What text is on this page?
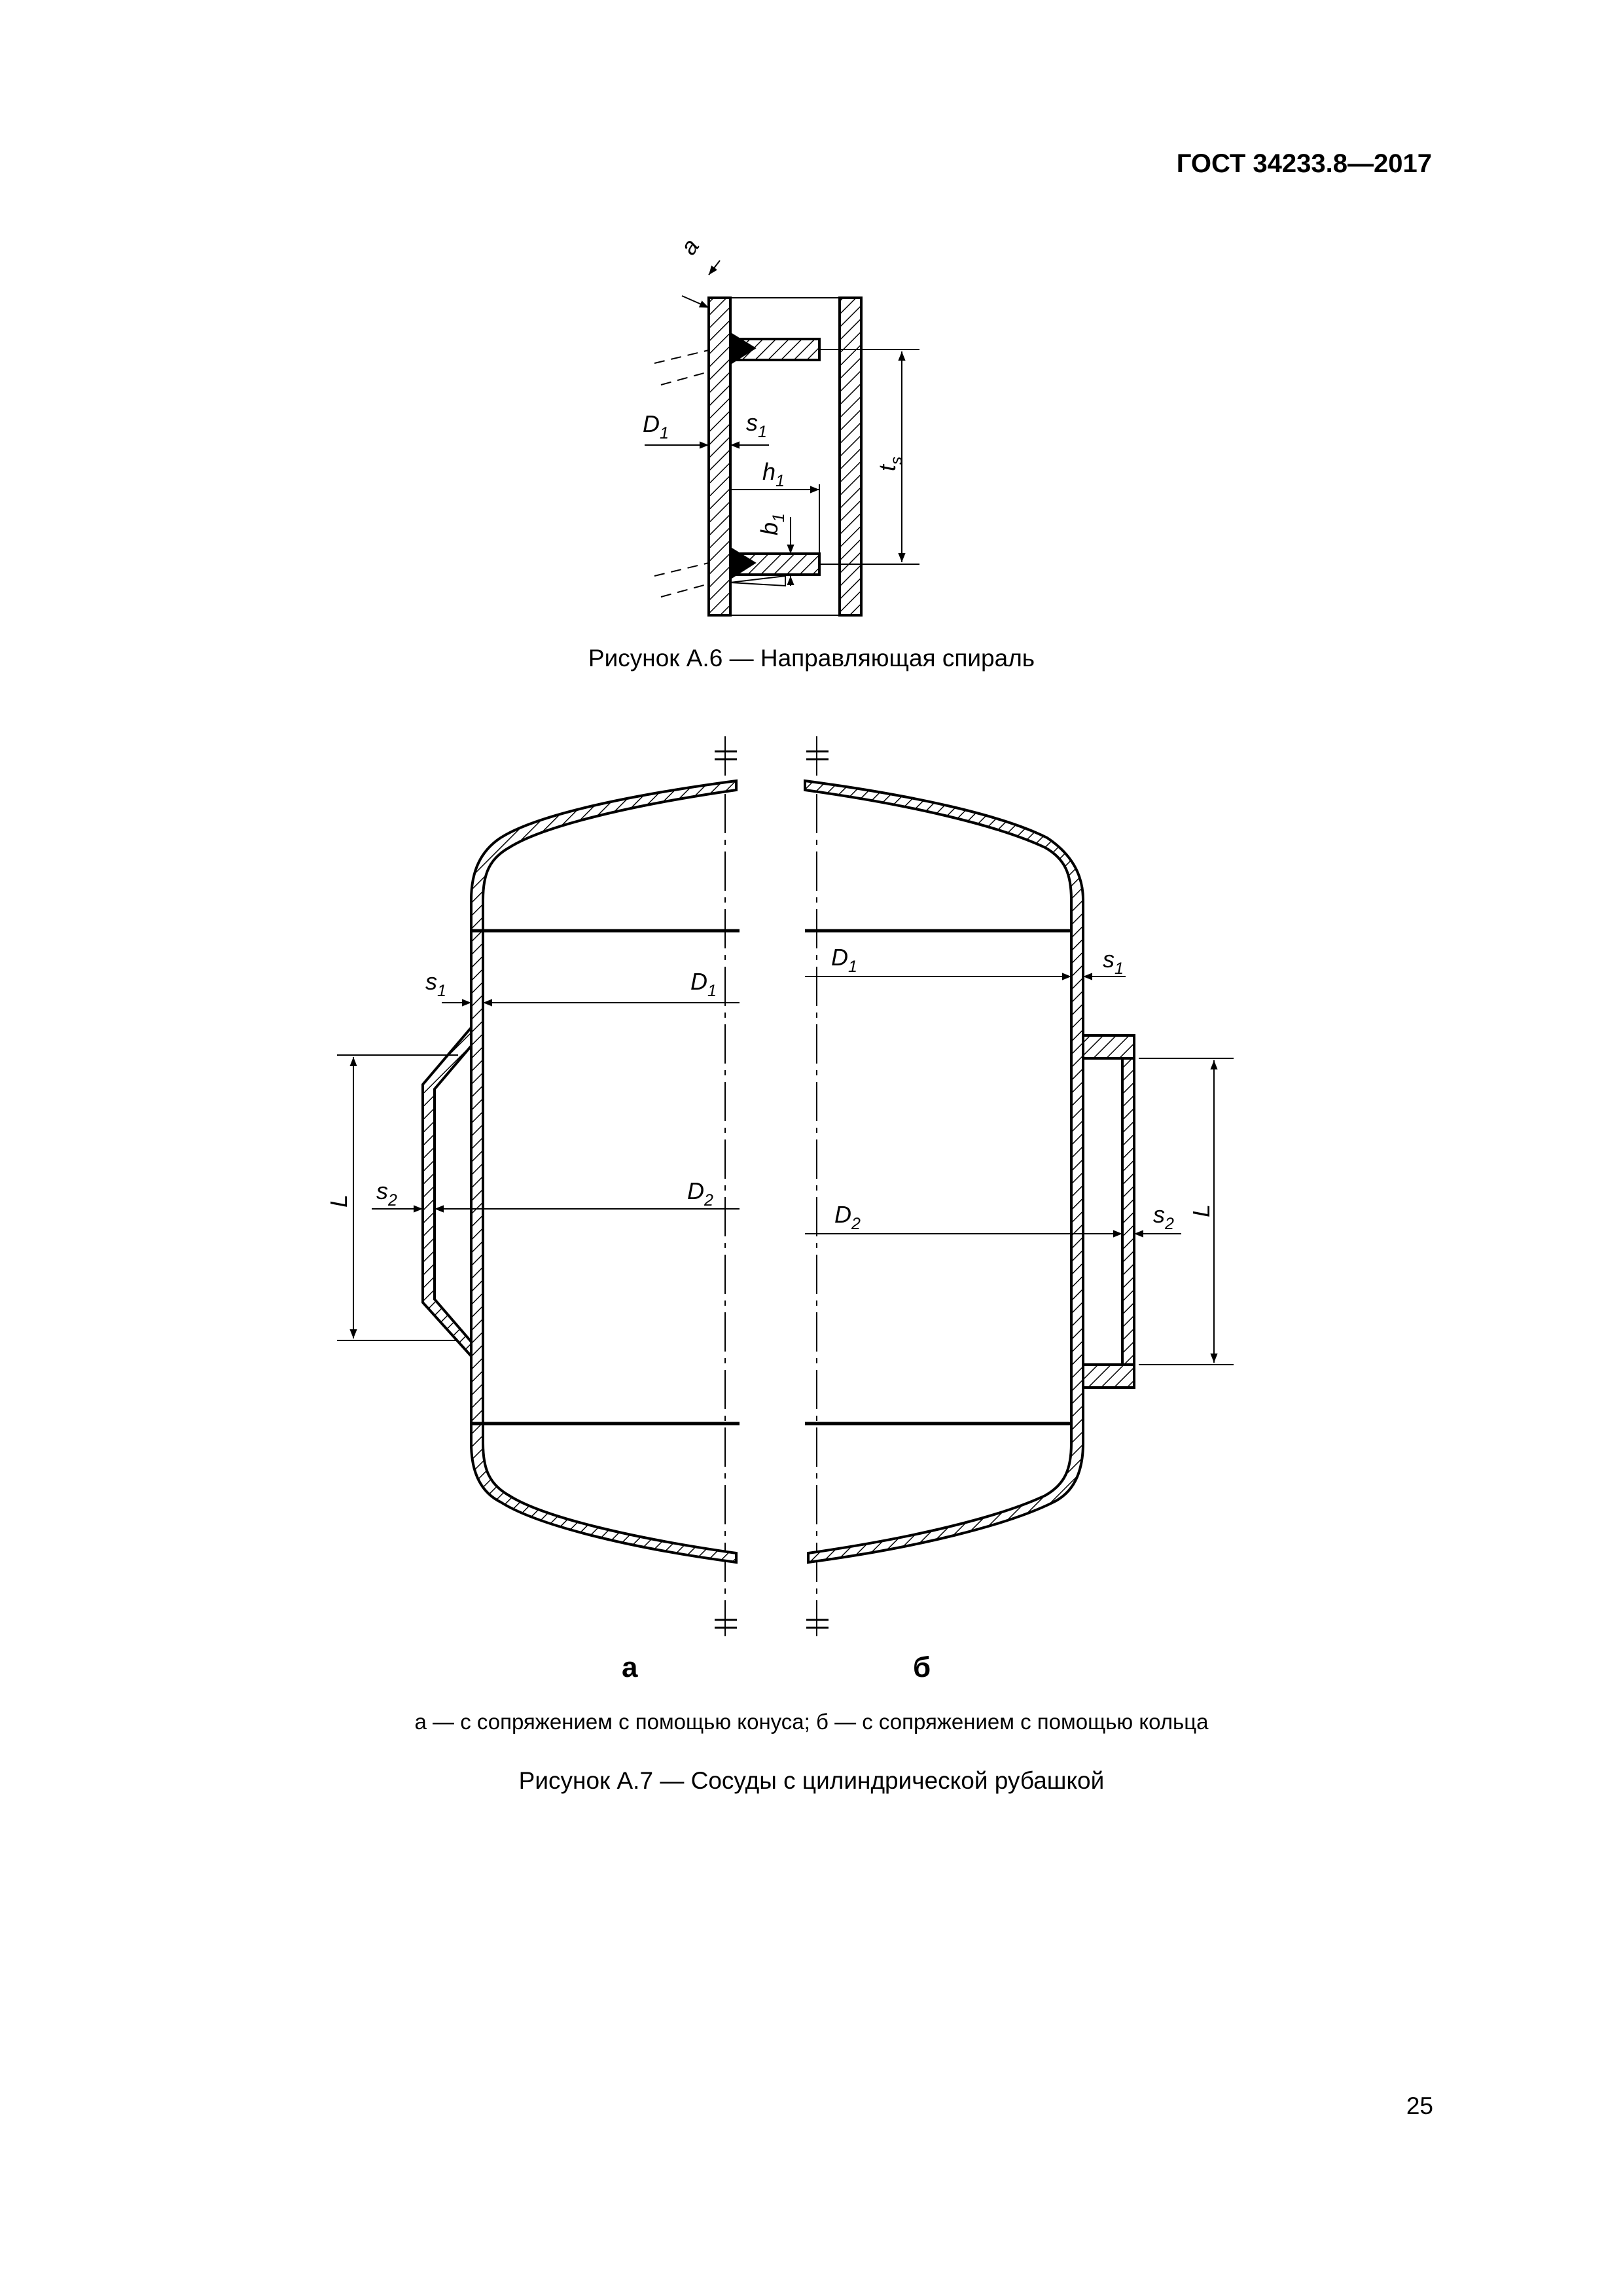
ГОСТ 34233.8—2017
a
$D_1$	$s_1$
$h_1$
$b_1$
$t_s$
$s_1$	$D_1$
$s_2$	$D_2$
L
$D_1$	$s_1$
$D_2$	$s_2$
L
а	б
Рисунок А.6 — Направляющая спираль
а — с сопряжением с помощью конуса; б — с сопряжением с помощью кольца
Рисунок А.7 — Сосуды с цилиндрической рубашкой
25
